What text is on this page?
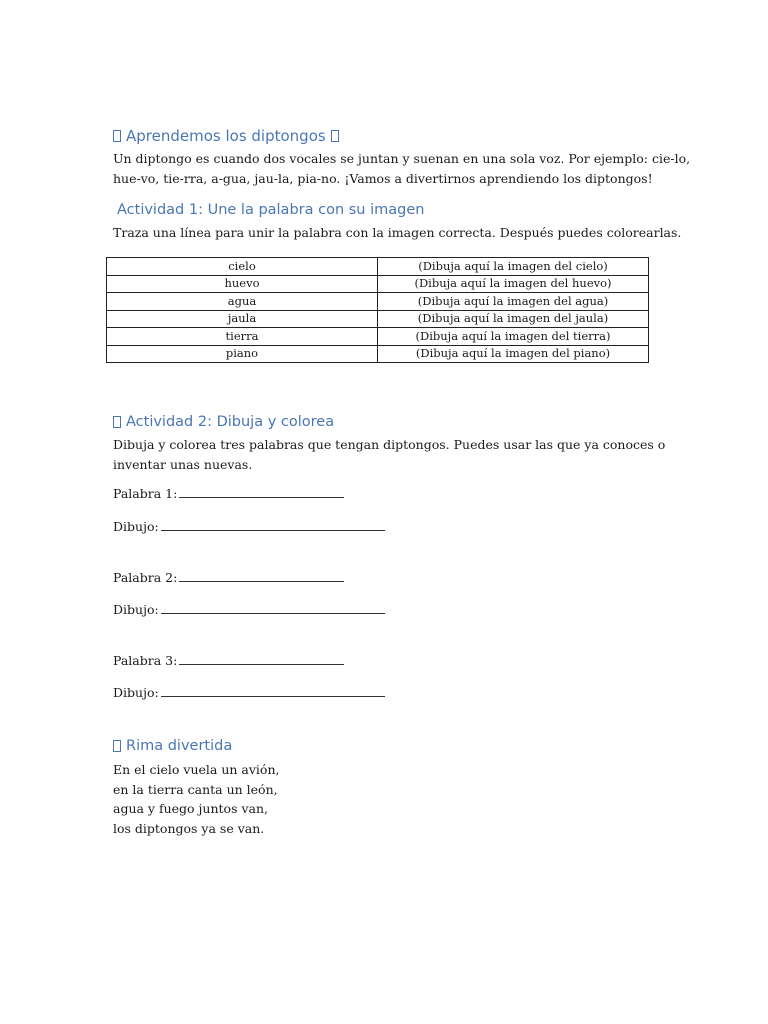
Aprendemos los diptongos
Un diptongo es cuando dos vocales se juntan y suenan en una sola voz. Por ejemplo: cie-lo,
hue-vo, tie-rra, a-gua, jau-la, pia-no. ¡Vamos a divertirnos aprendiendo los diptongos!
Actividad 1: Une la palabra con su imagen
Traza una línea para unir la palabra con la imagen correcta. Después puedes colorearlas.
cielo	(Dibuja aquí la imagen del cielo)
huevo	(Dibuja aquí la imagen del huevo)
agua	(Dibuja aquí la imagen del agua)
jaula	(Dibuja aquí la imagen del jaula)
tierra	(Dibuja aquí la imagen del tierra)
piano	(Dibuja aquí la imagen del piano)
Actividad 2: Dibuja y colorea
Dibuja y colorea tres palabras que tengan diptongos. Puedes usar las que ya conoces o
inventar unas nuevas.
Palabra 1:
Dibujo:
Palabra 2:
Dibujo:
Palabra 3:
Dibujo:
Rima divertida
En el cielo vuela un avión,
en la tierra canta un león,
agua y fuego juntos van,
los diptongos ya se van.
